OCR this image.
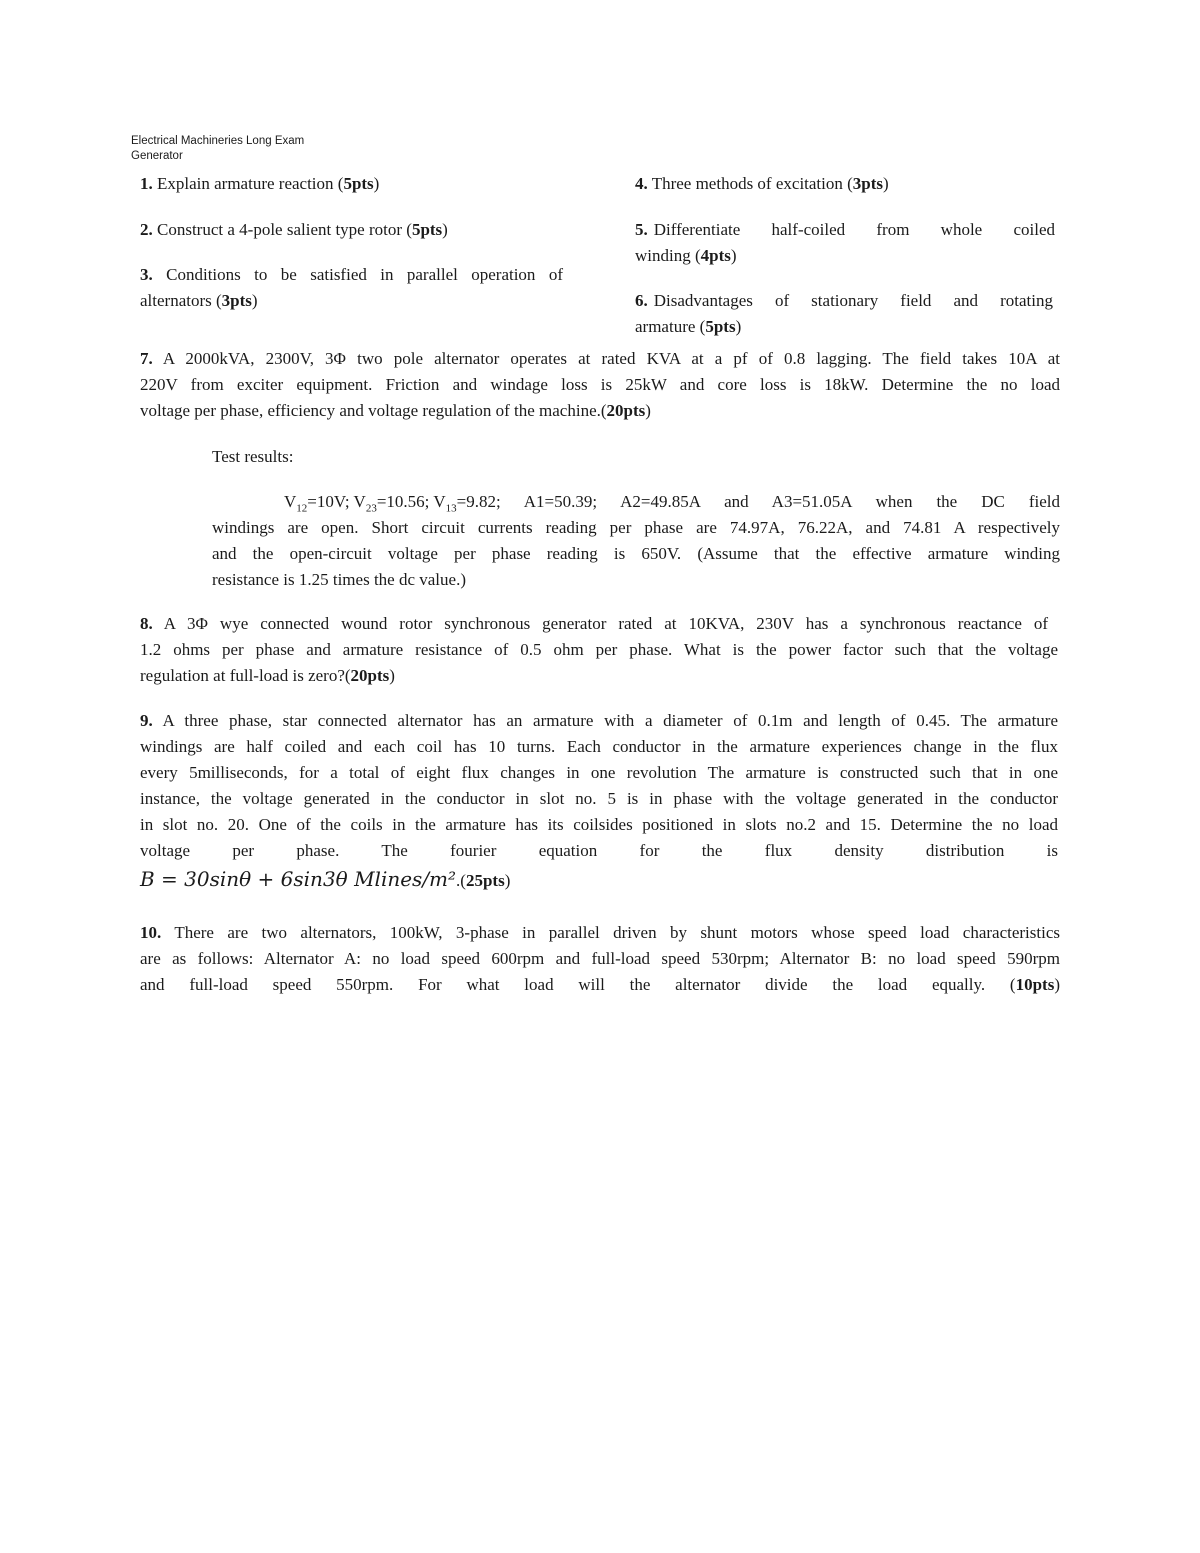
Electrical Machineries Long Exam
Generator
1. Explain armature reaction (5pts)
2. Construct a 4-pole salient type rotor (5pts)
3. Conditions to be satisfied in parallel operation of
alternators (3pts)
4. Three methods of excitation (3pts)
5. Differentiate half-coiled from whole coiled
winding (4pts)
6. Disadvantages of stationary field and rotating
armature (5pts)
7. A 2000kVA, 2300V, 3Φ two pole alternator operates at rated KVA at a pf of 0.8 lagging. The field takes 10A at
220V from exciter equipment. Friction and windage loss is 25kW and core loss is 18kW. Determine the no load
voltage per phase, efficiency and voltage regulation of the machine.(20pts)
Test results:
$V_{12}=10V$; $V_{23}=10.56$; $V_{13} =9.82$; A1=50.39; A2=49.85A and A3=51.05A when the DC field
windings are open. Short circuit currents reading per phase are 74.97A, 76.22A, and 74.81 A respectively
and the open-circuit voltage per phase reading is 650V. (Assume that the effective armature winding
resistance is 1.25 times the dc value.)
8. A 3Φ wye connected wound rotor synchronous generator rated at 10KVA, 230V has a synchronous reactance of
1.2 ohms per phase and armature resistance of 0.5 ohm per phase. What is the power factor such that the voltage
regulation at full-load is zero?(20pts)
9. A three phase, star connected alternator has an armature with a diameter of 0.1m and length of 0.45. The armature
windings are half coiled and each coil has 10 turns. Each conductor in the armature experiences change in the flux
every 5milliseconds, for a total of eight flux changes in one revolution The armature is constructed such that in one
instance, the voltage generated in the conductor in slot no. 5 is in phase with the voltage generated in the conductor
in slot no. 20. One of the coils in the armature has its coilsides positioned in slots no.2 and 15. Determine the no load
voltage per phase. The fourier equation for the flux density distribution is
B = 30sinθ + 6sin3θ Mlines/m².(25pts)
10. There are two alternators, 100kW, 3-phase in parallel driven by shunt motors whose speed load characteristics
are as follows: Alternator A: no load speed 600rpm and full-load speed 530rpm; Alternator B: no load speed 590rpm
and full-load speed 550rpm. For what load will the alternator divide the load equally. ( 10pts )
